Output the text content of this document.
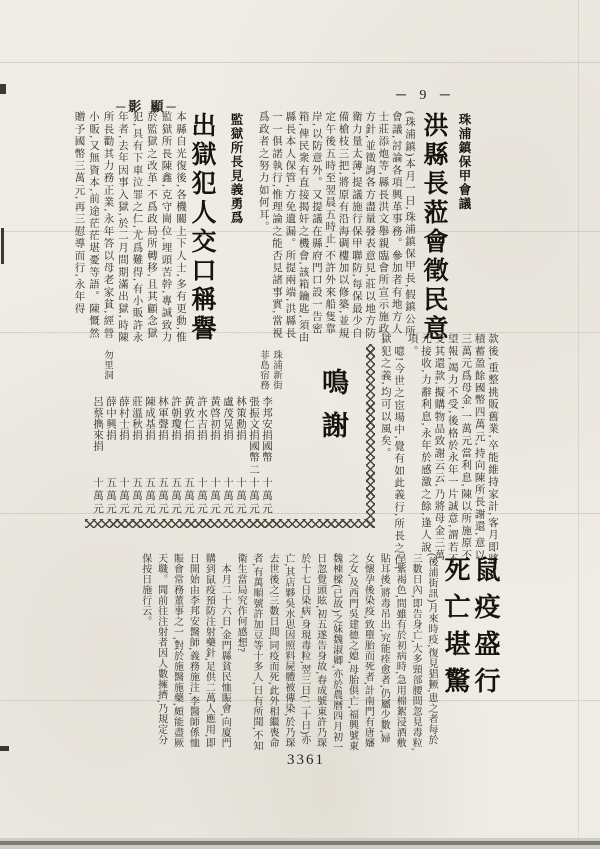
─影 顯─
─ 9 ─
珠浦鎮保甲會議
洪縣長蒞會徵民意
(珠浦鎮)本月一日,珠浦鎮保甲長,假鎮公所會議,討論各項興革事務。參加者有地方人士莊添炮等,縣長洪文舉親臨會所宣示施政方針,並徵詢各方盡量發表意見,莊以地方防衛力量太薄,提議施行保甲聯防,每保最少自備槍枝三把,將原有沿海碉樓加以修築,並規定午後五時至翌晨五時止,不許外來船隻靠岸,以防意外。又提議在縣府門口設一告密箱,俾民衆有直接揭奸之機會,該箱鑰匙,須由縣長本人保管,方免遺漏。所提兩端,洪縣長一一俱諾執行,惟理論之能否見諸事實,當視爲政者之努力如何耳。
監獄所長見義勇爲
出獄犯人交口稱譽
本縣自光復後,各機關上下人士,多有更動,惟監獄所長陳鑫,克守崗位,埋頭苦幹,專誠致力於監獄之改革,不爲政局所轉移,且其顧念獄犯,具有下車泣罪之仁,尤爲難得,有小販許永年者,去年因事入獄,於二月間期滿出獄,時陳所長勸其力務正業,永年答以母老家貧,經營小販,又無資本,前途茫茫堪憂等語。陳慨然贈予國幣三萬元,再三慰導而行,永年得

款後,重整挑販舊業,卒能維持家計,客月即將積蓄盈餘國幣四萬元,持向陳所長謝還,意以三萬元爲母金,一萬元當利息,陳以所施原不望報,竭力不受,後格於永年一片誠意,謂若不受其還款,擬購物品致謝云云,乃將母金三萬元接收,力辭利息,永年於感激之餘,逢人說項。

　噫!今世之宦場中,覺有如此義行,所長之仁,獄犯之義,均可以風矣。

鳴謝
珠浦新街
李邦安捐國幣
十萬元
菲島宿務
張振文捐國幣
二十萬元
林策勳捐
十萬元
盧茂晃捐
十萬元
黃啓初捐
十萬元
許水吉捐
十萬元
黃敦仁捐
五萬元
許朝瓊捐
五萬元
林軍聲捐
五萬元
陳成基捐
五萬元
莊溫秋捐
五萬元
薛村士捐
十萬元
薛中興捐
五萬元
勿里洞
呂蔡擕來捐
十萬元
鼠疫盛行
死亡堪驚

(後浦街訊)月來時疫,復見猖獗,患之者每於三數日內,即告身亡,大多頸部腰間忽見毒粒,呈紫褐色,間雖有於初病時,急用棉絮浸酒敷貼耳後,將毒吊出,究能痊愈者,仍屬少數,婦女懷孕後染疫,致墮胎而死者,計南門有唐嬸之女,及西門吳建德之媳,母胎俱亡,福興號東魏棟樑(已故)之妹魏淑卿,亦於農曆四月初一日忽覺頭眩,初五遂告身故,春成號東許乃琛於十七日染病,身現毒粒,翌三日(二十日)亦亡,其店夥吳水思因照料屍體被傳染,於乃琛去世後之三數日間,同疫而死,此外相繼喪命者,有萬順號許加豆等十多人,日有所聞,不知衛生當局究作何感想?

　本月二十六日,金門縣貧民恤賑會,向廈門購到鼠疫預防注射藥針,足供二萬人應用,即日開始由李邦安醫師,義務施注,李醫師係恤賑會常務董事之一,對於施醫施藥,頗能盡厥天職。聞前往注射者因人數擁擠,乃規定分保按日施行云。

3361
